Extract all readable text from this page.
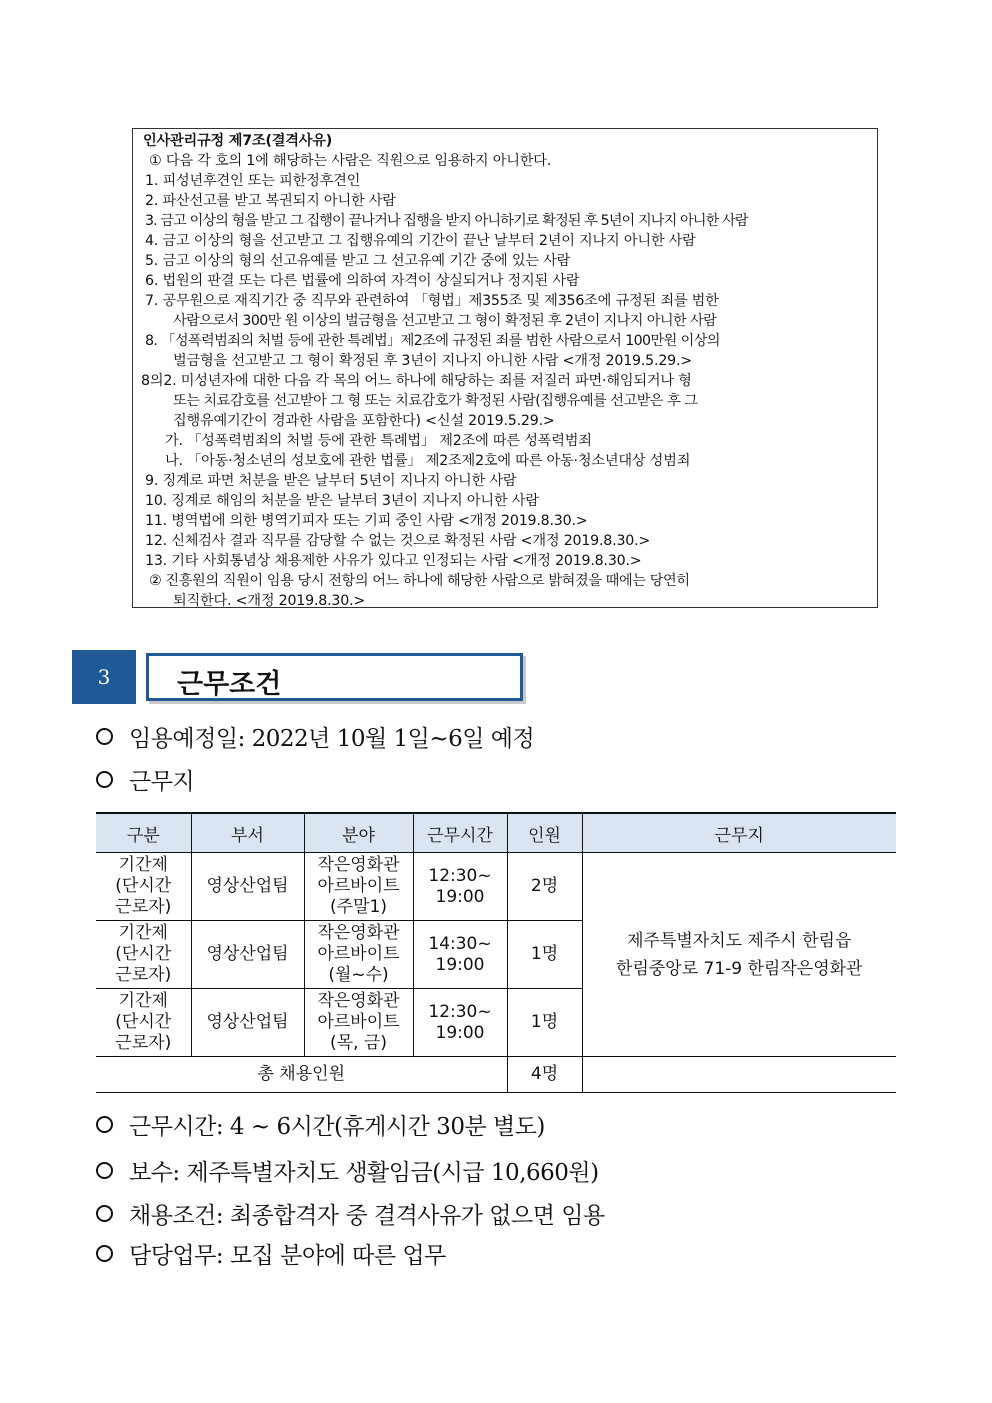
인사관리규정 제7조(결격사유)
① 다음 각 호의 1에 해당하는 사람은 직원으로 임용하지 아니한다.
1. 피성년후견인 또는 피한정후견인
2. 파산선고를 받고 복권되지 아니한 사람
3. 금고 이상의 형을 받고 그 집행이 끝나거나 집행을 받지 아니하기로 확정된 후 5년이 지나지 아니한 사람
4. 금고 이상의 형을 선고받고 그 집행유예의 기간이 끝난 날부터 2년이 지나지 아니한 사람
5. 금고 이상의 형의 선고유예를 받고 그 선고유예 기간 중에 있는 사람
6. 법원의 판결 또는 다른 법률에 의하여 자격이 상실되거나 정지된 사람
7. 공무원으로 재직기간 중 직무와 관련하여 「형법」제355조 및 제356조에 규정된 죄를 범한
사람으로서 300만 원 이상의 벌금형을 선고받고 그 형이 확정된 후 2년이 지나지 아니한 사람
8. 「성폭력범죄의 처벌 등에 관한 특례법」제2조에 규정된 죄를 범한 사람으로서 100만원 이상의
벌금형을 선고받고 그 형이 확정된 후 3년이 지나지 아니한 사람 <개정 2019.5.29.>
8의2. 미성년자에 대한 다음 각 목의 어느 하나에 해당하는 죄를 저질러 파면·해임되거나 형
또는 치료감호를 선고받아 그 형 또는 치료감호가 확정된 사람(집행유예를 선고받은 후 그
집행유예기간이 경과한 사람을 포함한다) <신설 2019.5.29.>
가. 「성폭력범죄의 처벌 등에 관한 특례법」 제2조에 따른 성폭력범죄
나. 「아동·청소년의 성보호에 관한 법률」 제2조제2호에 따른 아동·청소년대상 성범죄
9. 징계로 파면 처분을 받은 날부터 5년이 지나지 아니한 사람
10. 징계로 해임의 처분을 받은 날부터 3년이 지나지 아니한 사람
11. 병역법에 의한 병역기피자 또는 기피 중인 사람 <개정 2019.8.30.>
12. 신체검사 결과 직무를 감당할 수 없는 것으로 확정된 사람 <개정 2019.8.30.>
13. 기타 사회통념상 채용제한 사유가 있다고 인정되는 사람 <개정 2019.8.30.>
② 진흥원의 직원이 임용 당시 전항의 어느 하나에 해당한 사람으로 밝혀졌을 때에는 당연히
퇴직한다. <개정 2019.8.30.>
3	근무조건
임용예정일: 2022년 10월 1일~6일 예정
근무지
구분	부서	분야	근무시간	인원	근무지

기간제
(단시간
근로자)	영상산업팀	작은영화관
아르바이트
(주말1)	12:30~
19:00	2명	제주특별자치도 제주시 한림읍
한림중앙로 71-9 한림작은영화관

기간제
(단시간
근로자)	영상산업팀	작은영화관
아르바이트
(월~수)	14:30~
19:00	1명	

기간제
(단시간
근로자)	영상산업팀	작은영화관
아르바이트
(목, 금)	12:30~
19:00	1명	
총 채용인원				4명	
근무시간: 4 ~ 6시간(휴게시간 30분 별도)
보수: 제주특별자치도 생활임금(시급 10,660원)
채용조건: 최종합격자 중 결격사유가 없으면 임용
담당업무: 모집 분야에 따른 업무
